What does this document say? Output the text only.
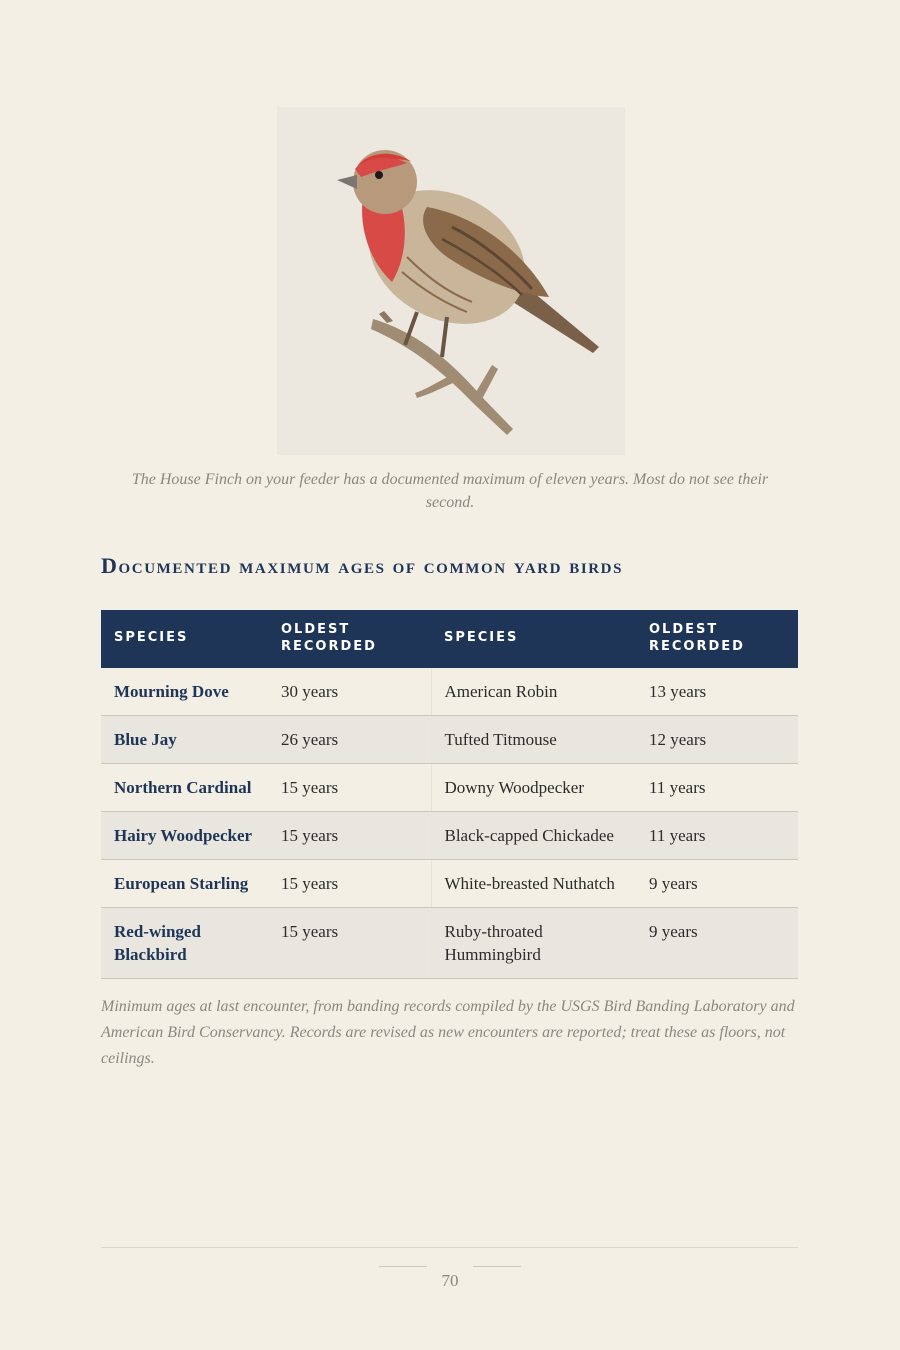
The House Finch on your feeder has a documented maximum of eleven years. Most do not see their second.
Documented maximum ages of common yard birds
SPECIES	OLDEST RECORDED	SPECIES	OLDEST RECORDED
Mourning Dove	30 years	American Robin	13 years
Blue Jay	26 years	Tufted Titmouse	12 years
Northern Cardinal	15 years	Downy Woodpecker	11 years
Hairy Woodpecker	15 years	Black-capped Chickadee	11 years
European Starling	15 years	White-breasted Nuthatch	9 years
Red-winged Blackbird	15 years	Ruby-throated Hummingbird	9 years
Minimum ages at last encounter, from banding records compiled by the USGS Bird Banding Laboratory and American Bird Conservancy. Records are revised as new encounters are reported; treat these as floors, not ceilings.
70
